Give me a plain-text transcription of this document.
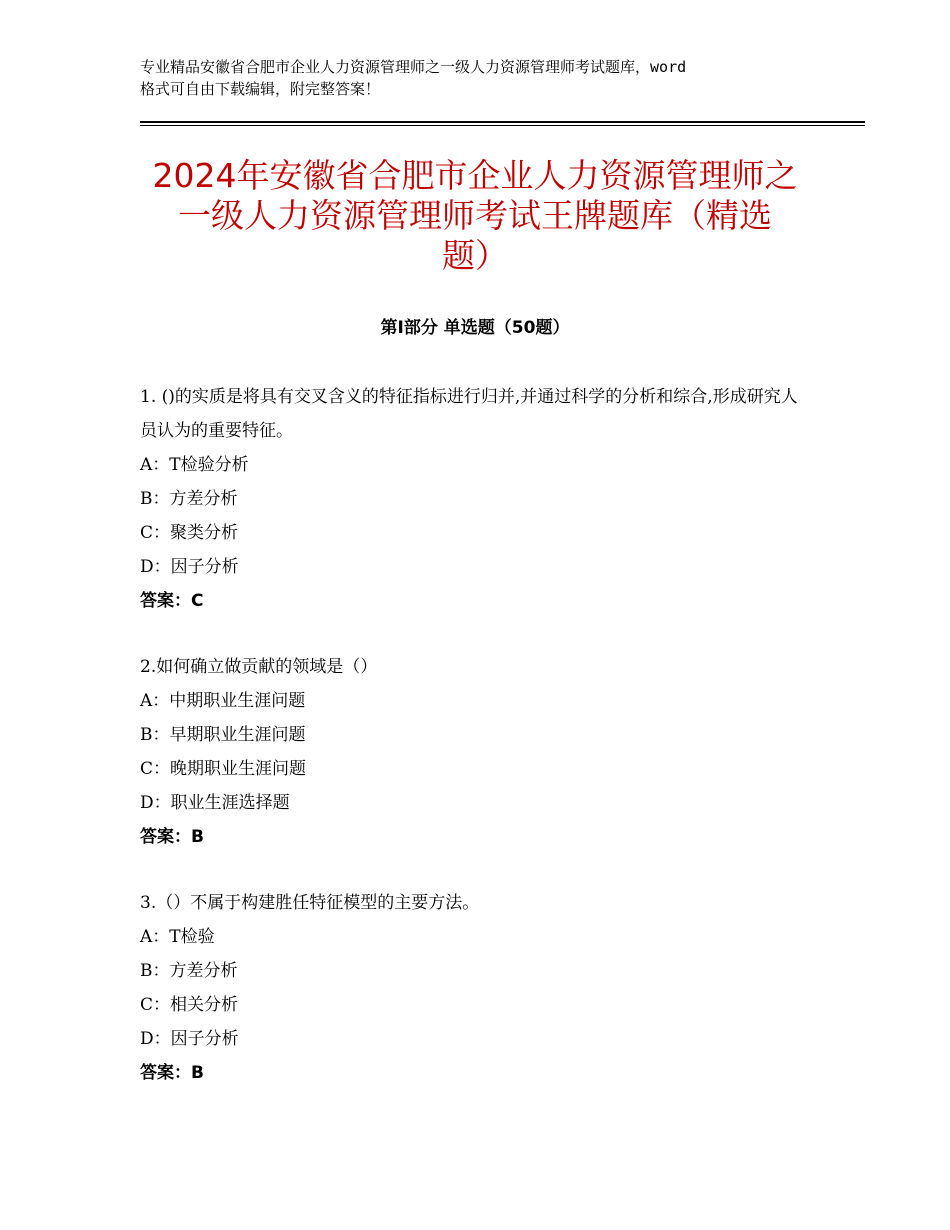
专业精品安徽省合肥市企业人力资源管理师之一级人力资源管理师考试题库，word
格式可自由下载编辑，附完整答案！
2024年安徽省合肥市企业人力资源管理师之
一级人力资源管理师考试王牌题库（精选
题）
第Ⅰ部分 单选题（50题）

1. ()的实质是将具有交叉含义的特征指标进行归并,并通过科学的分析和综合,形成研究人员认为的重要特征。

A：T检验分析

B：方差分析

C：聚类分析

D：因子分析

答案：C

2.如何确立做贡献的领域是（）

A：中期职业生涯问题

B：早期职业生涯问题

C：晚期职业生涯问题

D：职业生涯选择题

答案：B

3.（）不属于构建胜任特征模型的主要方法。

A：T检验

B：方差分析

C：相关分析

D：因子分析

答案：B
